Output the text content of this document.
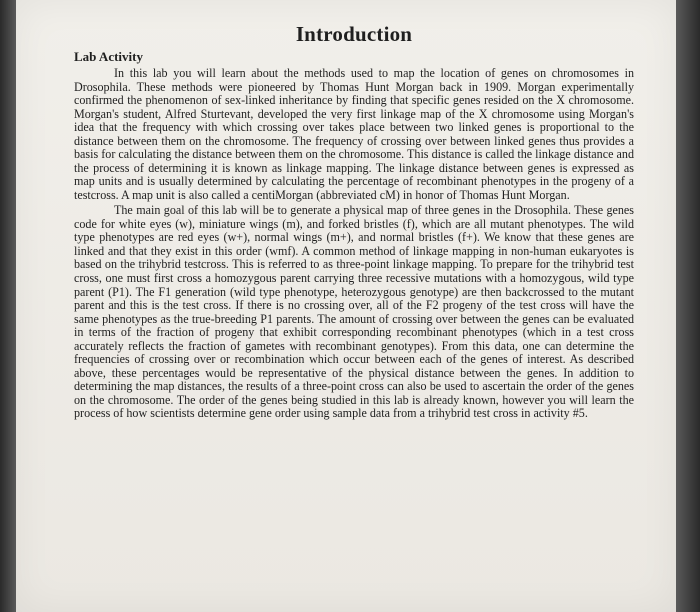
Introduction
Lab Activity

In this lab you will learn about the methods used to map the location of genes on chromosomes in Drosophila. These methods were pioneered by Thomas Hunt Morgan back in 1909. Morgan experimentally confirmed the phenomenon of sex-linked inheritance by finding that specific genes resided on the X chromosome. Morgan's student, Alfred Sturtevant, developed the very first linkage map of the X chromosome using Morgan's idea that the frequency with which crossing over takes place between two linked genes is proportional to the distance between them on the chromosome. The frequency of crossing over between linked genes thus provides a basis for calculating the distance between them on the chromosome. This distance is called the linkage distance and the process of determining it is known as linkage mapping. The linkage distance between genes is expressed as map units and is usually determined by calculating the percentage of recombinant phenotypes in the progeny of a testcross. A map unit is also called a centiMorgan (abbreviated cM) in honor of Thomas Hunt Morgan.

The main goal of this lab will be to generate a physical map of three genes in the Drosophila. These genes code for white eyes (w), miniature wings (m), and forked bristles (f), which are all mutant phenotypes. The wild type phenotypes are red eyes (w+), normal wings (m+), and normal bristles (f+). We know that these genes are linked and that they exist in this order (wmf). A common method of linkage mapping in non-human eukaryotes is based on the trihybrid testcross. This is referred to as three-point linkage mapping. To prepare for the trihybrid test cross, one must first cross a homozygous parent carrying three recessive mutations with a homozygous, wild type parent (P1). The F1 generation (wild type phenotype, heterozygous genotype) are then backcrossed to the mutant parent and this is the test cross. If there is no crossing over, all of the F2 progeny of the test cross will have the same phenotypes as the true-breeding P1 parents. The amount of crossing over between the genes can be evaluated in terms of the fraction of progeny that exhibit corresponding recombinant phenotypes (which in a test cross accurately reflects the fraction of gametes with recombinant genotypes). From this data, one can determine the frequencies of crossing over or recombination which occur between each of the genes of interest. As described above, these percentages would be representative of the physical distance between the genes. In addition to determining the map distances, the results of a three-point cross can also be used to ascertain the order of the genes on the chromosome. The order of the genes being studied in this lab is already known, however you will learn the process of how scientists determine gene order using sample data from a trihybrid test cross in activity #5.
